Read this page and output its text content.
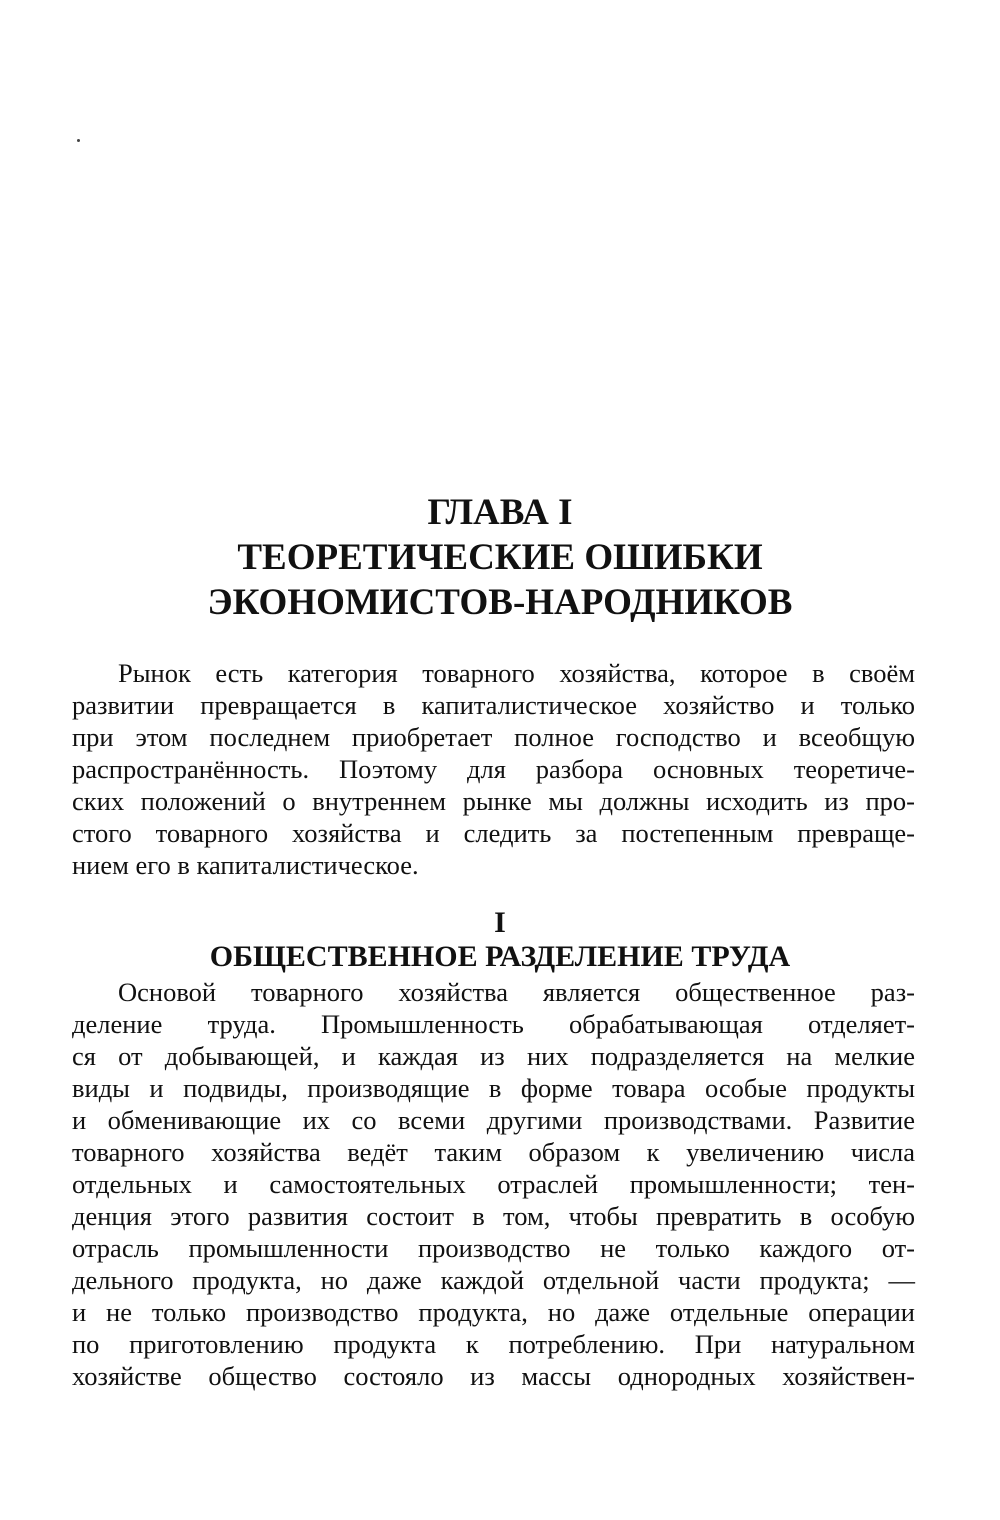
ГЛАВА I
ТЕОРЕТИЧЕСКИЕ ОШИБКИ
ЭКОНОМИСТОВ-НАРОДНИКОВ
Рынок есть категория товарного хозяйства, которое в своём
развитии превращается в капиталистическое хозяйство и только
при этом последнем приобретает полное господство и всеобщую
распространённость. Поэтому для разбора основных теоретиче-
ских положений о внутреннем рынке мы должны исходить из про-
стого товарного хозяйства и следить за постепенным превраще-
нием его в капиталистическое.
I
ОБЩЕСТВЕННОЕ РАЗДЕЛЕНИЕ ТРУДА
Основой товарного хозяйства является общественное раз-
деление труда. Промышленность обрабатывающая отделяет-
ся от добывающей, и каждая из них подразделяется на мелкие
виды и подвиды, производящие в форме товара особые продукты
и обменивающие их со всеми другими производствами. Развитие
товарного хозяйства ведёт таким образом к увеличению числа
отдельных и самостоятельных отраслей промышленности; тен-
денция этого развития состоит в том, чтобы превратить в особую
отрасль промышленности производство не только каждого от-
дельного продукта, но даже каждой отдельной части продукта; —
и не только производство продукта, но даже отдельные операции
по приготовлению продукта к потреблению. При натуральном
хозяйстве общество состояло из массы однородных хозяйствен-
